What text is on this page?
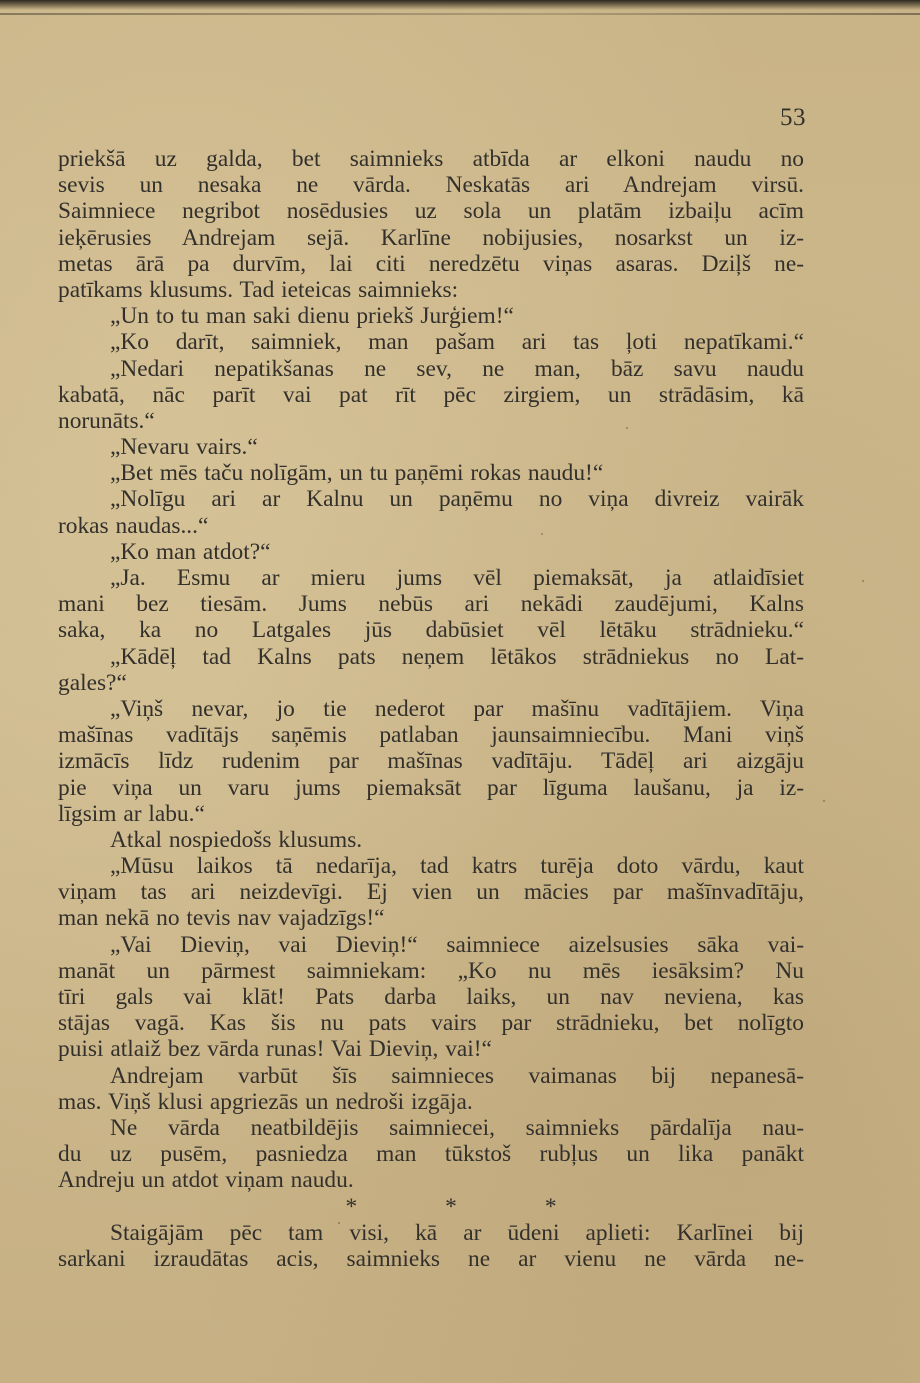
53
priekšā uz galda, bet saimnieks atbīda ar elkoni naudu no
sevis un nesaka ne vārda. Neskatās ari Andrejam virsū.
Saimniece negribot nosēdusies uz sola un platām izbaiļu acīm
ieķērusies Andrejam sejā. Karlīne nobijusies, nosarkst un iz-
metas ārā pa durvīm, lai citi neredzētu viņas asaras. Dziļš ne-
patīkams klusums. Tad ieteicas saimnieks:
„Un to tu man saki dienu priekš Jurģiem!“
„Ko darīt, saimniek, man pašam ari tas ļoti nepatīkami.“
„Nedari nepatikšanas ne sev, ne man, bāz savu naudu
kabatā, nāc parīt vai pat rīt pēc zirgiem, un strādāsim, kā
norunāts.“
„Nevaru vairs.“
„Bet mēs taču nolīgām, un tu paņēmi rokas naudu!“
„Nolīgu ari ar Kalnu un paņēmu no viņa divreiz vairāk
rokas naudas...“
„Ko man atdot?“
„Ja. Esmu ar mieru jums vēl piemaksāt, ja atlaidīsiet
mani bez tiesām. Jums nebūs ari nekādi zaudējumi, Kalns
saka, ka no Latgales jūs dabūsiet vēl lētāku strādnieku.“
„Kādēļ tad Kalns pats neņem lētākos strādniekus no Lat-
gales?“
„Viņš nevar, jo tie nederot par mašīnu vadītājiem. Viņa
mašīnas vadītājs saņēmis patlaban jaunsaimniecību. Mani viņš
izmācīs līdz rudenim par mašīnas vadītāju. Tādēļ ari aizgāju
pie viņa un varu jums piemaksāt par līguma laušanu, ja iz-
līgsim ar labu.“
Atkal nospiedošs klusums.
„Mūsu laikos tā nedarīja, tad katrs turēja doto vārdu, kaut
viņam tas ari neizdevīgi. Ej vien un mācies par mašīnvadītāju,
man nekā no tevis nav vajadzīgs!“
„Vai Dieviņ, vai Dieviņ!“ saimniece aizelsusies sāka vai-
manāt un pārmest saimniekam: „Ko nu mēs iesāksim? Nu
tīri gals vai klāt! Pats darba laiks, un nav neviena, kas
stājas vagā. Kas šis nu pats vairs par strādnieku, bet nolīgto
puisi atlaiž bez vārda runas! Vai Dieviņ, vai!“
Andrejam varbūt šīs saimnieces vaimanas bij nepanesā-
mas. Viņš klusi apgriezās un nedroši izgāja.
Ne vārda neatbildējis saimniecei, saimnieks pārdalīja nau-
du uz pusēm, pasniedza man tūkstoš rubļus un lika panākt
Andreju un atdot viņam naudu.
*	*	*
Staigājām pēc tam visi, kā ar ūdeni aplieti: Karlīnei bij
sarkani izraudātas acis, saimnieks ne ar vienu ne vārda ne-
